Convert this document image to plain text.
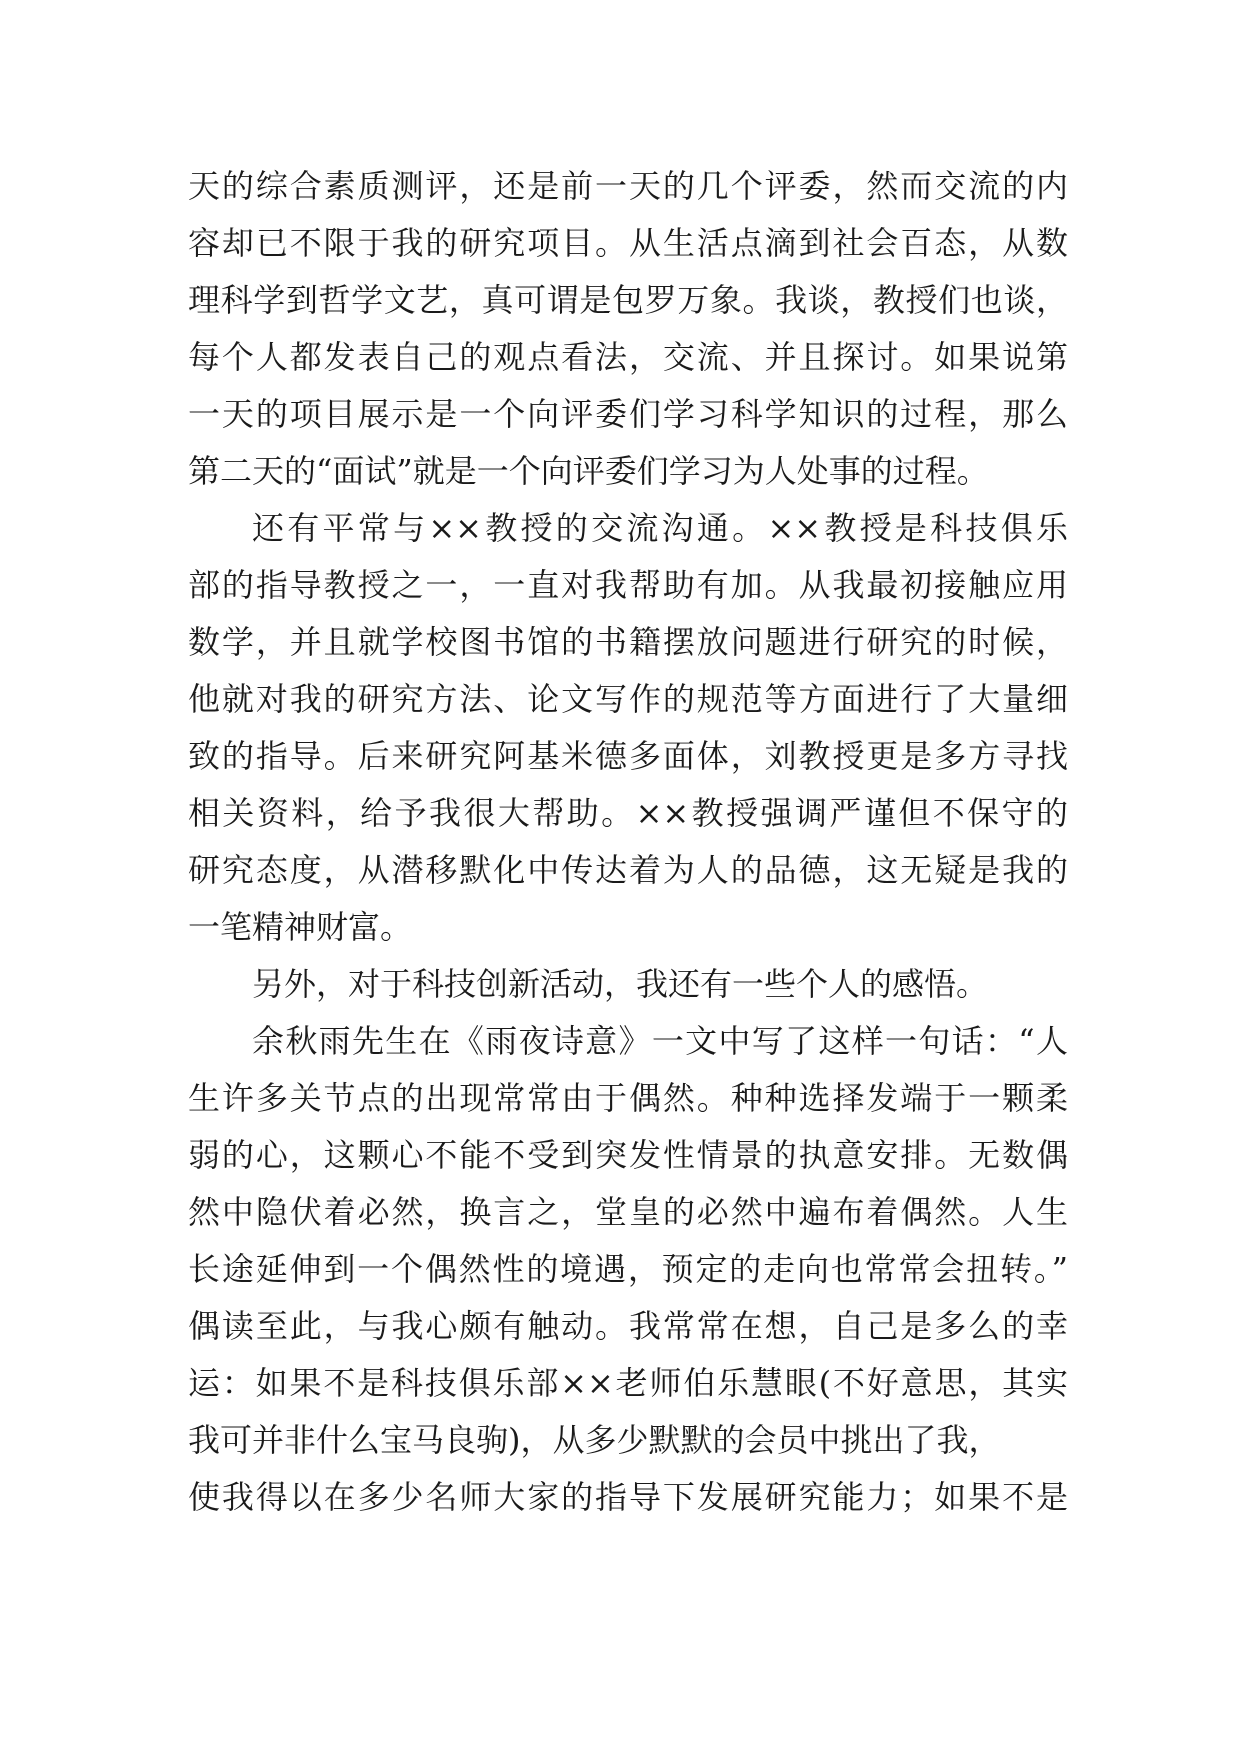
天的综合素质测评，还是前一天的几个评委，然而交流的内
容却已不限于我的研究项目。从生活点滴到社会百态，从数
理科学到哲学文艺，真可谓是包罗万象。我谈，教授们也谈，
每个人都发表自己的观点看法，交流、并且探讨。如果说第
一天的项目展示是一个向评委们学习科学知识的过程，那么
第二天的“面试”就是一个向评委们学习为人处事的过程。
还有平常与××教授的交流沟通。××教授是科技俱乐
部的指导教授之一，一直对我帮助有加。从我最初接触应用
数学，并且就学校图书馆的书籍摆放问题进行研究的时候，
他就对我的研究方法、论文写作的规范等方面进行了大量细
致的指导。后来研究阿基米德多面体，刘教授更是多方寻找
相关资料，给予我很大帮助。××教授强调严谨但不保守的
研究态度，从潜移默化中传达着为人的品德，这无疑是我的
一笔精神财富。
另外，对于科技创新活动，我还有一些个人的感悟。
余秋雨先生在《雨夜诗意》一文中写了这样一句话：“人
生许多关节点的出现常常由于偶然。种种选择发端于一颗柔
弱的心，这颗心不能不受到突发性情景的执意安排。无数偶
然中隐伏着必然，换言之，堂皇的必然中遍布着偶然。人生
长途延伸到一个偶然性的境遇，预定的走向也常常会扭转。”
偶读至此，与我心颇有触动。我常常在想，自己是多么的幸
运：如果不是科技俱乐部××老师伯乐慧眼(不好意思，其实
我可并非什么宝马良驹)，从多少默默的会员中挑出了我，
使我得以在多少名师大家的指导下发展研究能力；如果不是
